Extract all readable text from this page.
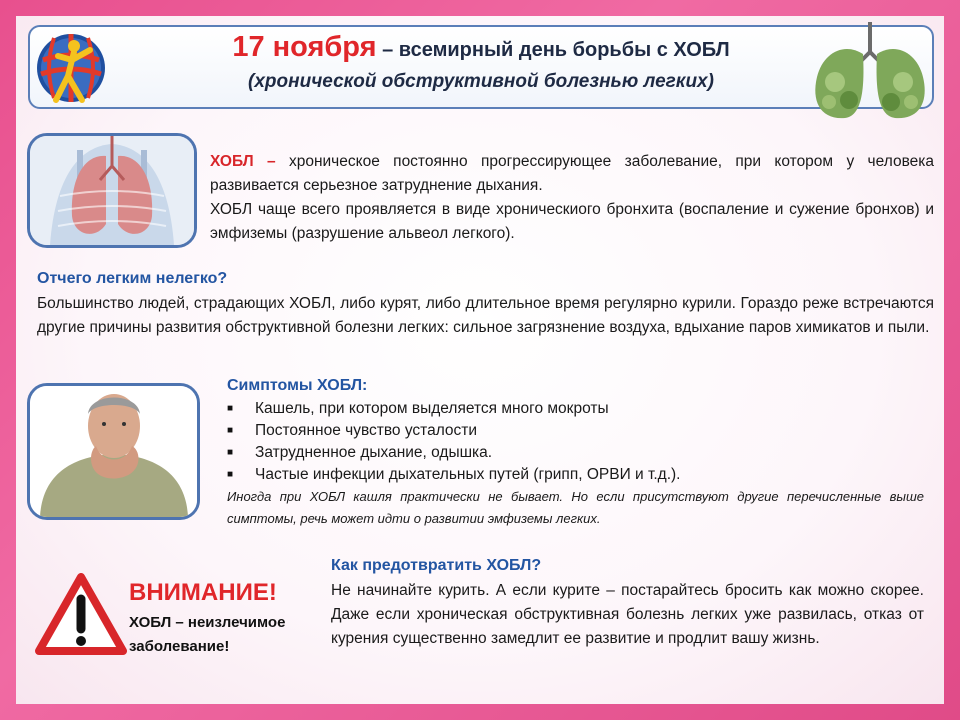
17 ноября – всемирный день борьбы с ХОБЛ
(хронической обструктивной болезнью легких)
ХОБЛ – хроническое постоянно прогрессирующее заболевание, при котором у человека развивается серьезное затруднение дыхания.
ХОБЛ чаще всего проявляется в виде хроническиого бронхита (воспаление и сужение бронхов) и эмфиземы (разрушение альвеол легкого).
Отчего легким нелегко?
Большинство людей, страдающих ХОБЛ, либо курят, либо длительное время регулярно курили. Гораздо реже встречаются другие причины развития обструктивной болезни легких: сильное загрязнение воздуха, вдыхание паров химикатов и пыли.
Симптомы ХОБЛ:
■ Кашель, при котором выделяется много мокроты
■ Постоянное чувство усталости
■ Затрудненное дыхание, одышка.
■ Частые инфекции дыхательных путей (грипп, ОРВИ и т.д.).
Иногда при ХОБЛ кашля практически не бывает. Но если присутствуют другие перечисленные выше симптомы, речь может идти о развитии эмфиземы легких.
ВНИМАНИЕ!
ХОБЛ – неизлечимое
заболевание!
Как предотвратить ХОБЛ?
Не начинайте курить. А если курите – постарайтесь бросить как можно скорее. Даже если хроническая обструктивная болезнь легких уже развилась, отказ от курения существенно замедлит ее развитие и продлит вашу жизнь.
